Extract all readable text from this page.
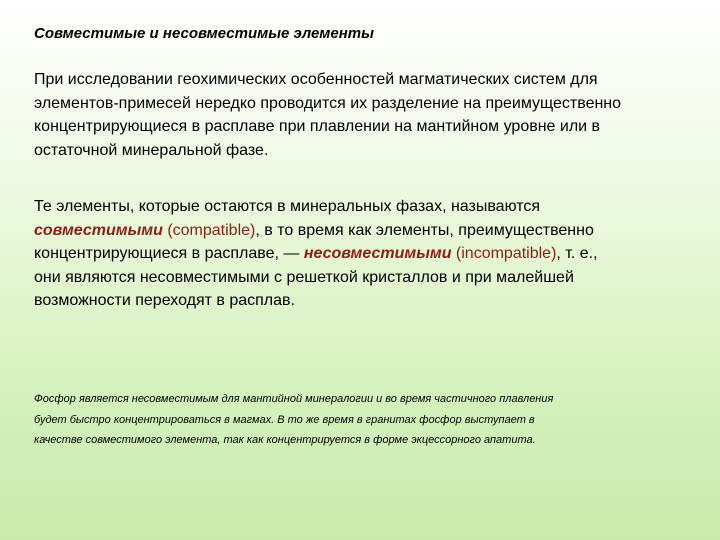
Совместимые и несовместимые элементы
При исследовании геохимических особенностей магматических систем для
элементов-примесей нередко проводится их разделение на преимущественно
концентрирующиеся в расплаве при плавлении на мантийном уровне или в
остаточной минеральной фазе.
Те элементы, которые остаются в минеральных фазах, называются
совместимыми (compatible), в то время как элементы, преимущественно
концентрирующиеся в расплаве, — несовместимыми (incompatible), т. е.,
они являются несовместимыми с решеткой кристаллов и при малейшей
возможности переходят в расплав.
Фосфор является несовместимым для мантийной минералогии и во время частичного плавления
будет быстро концентрироваться в магмах. В то же время в гранитах фосфор выступает в
качестве совместимого элемента, так как концентрируется в форме экцессорного апатита.
